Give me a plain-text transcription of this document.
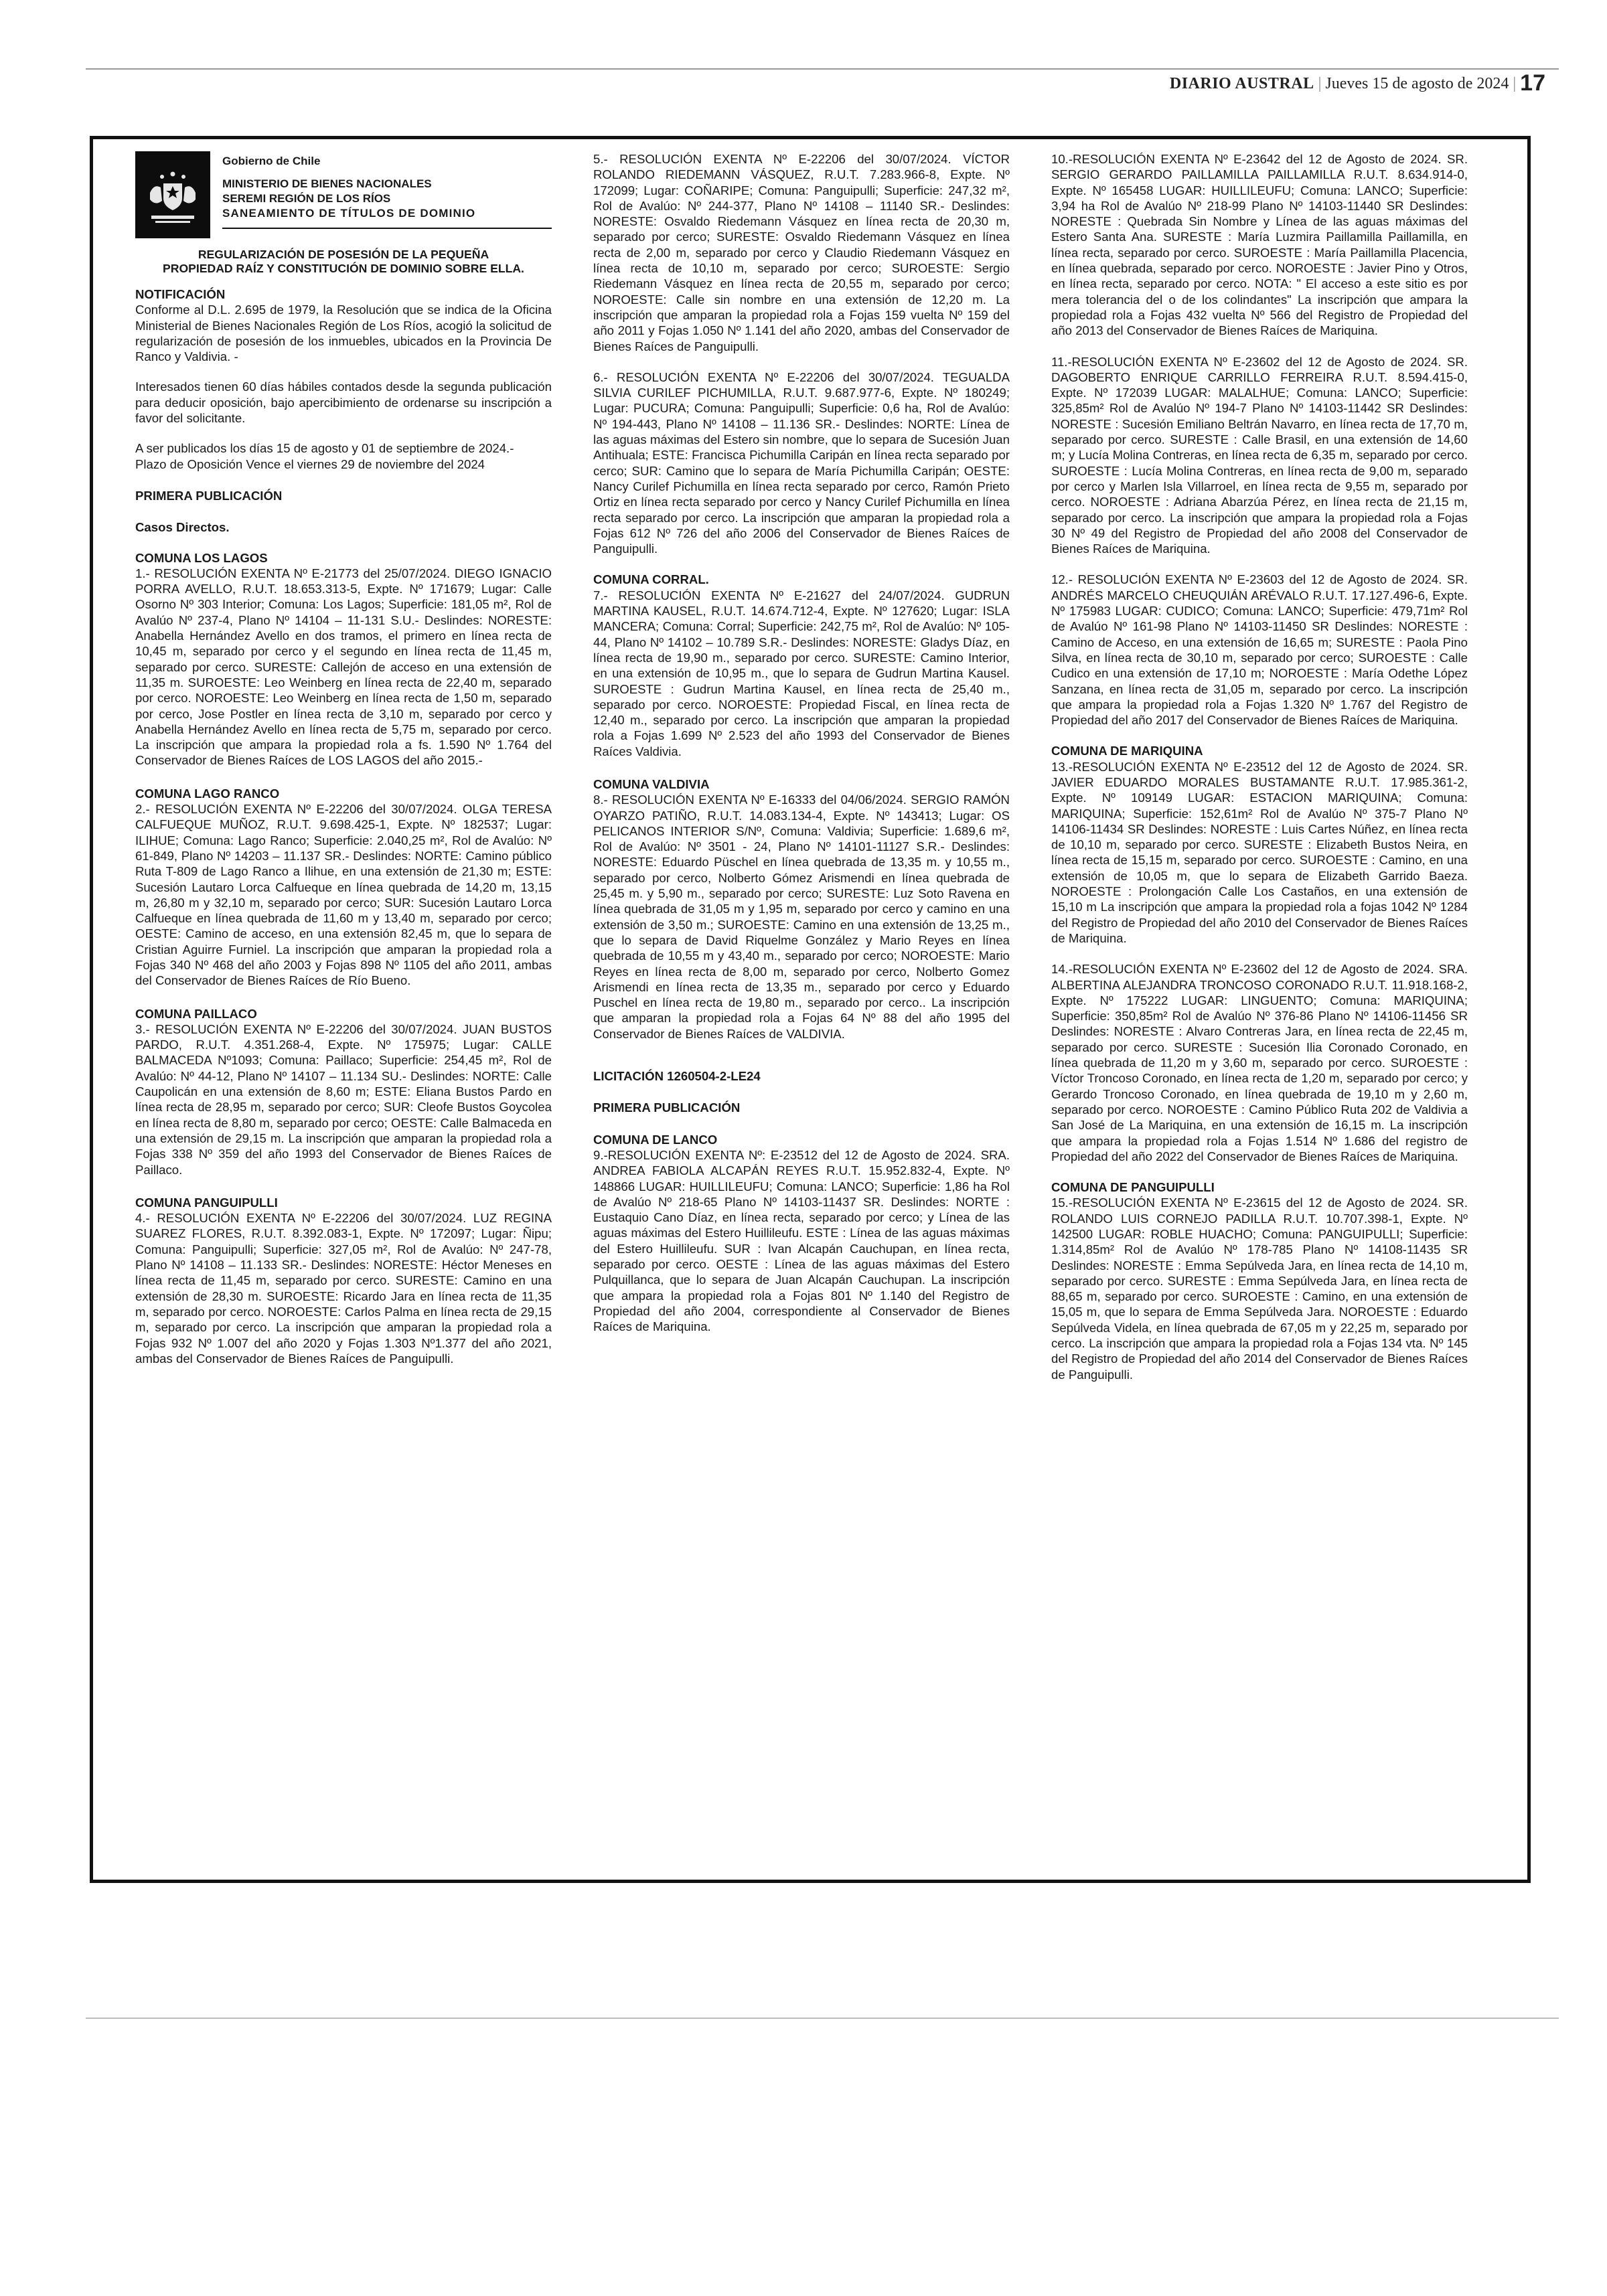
DIARIO AUSTRAL | Jueves 15 de agosto de 2024 | 17
Gobierno de Chile
MINISTERIO DE BIENES NACIONALES
SEREMI REGIÓN DE LOS RÍOS
SANEAMIENTO DE TÍTULOS DE DOMINIO
REGULARIZACIÓN DE POSESIÓN DE LA PEQUEÑA
PROPIEDAD RAÍZ Y CONSTITUCIÓN DE DOMINIO SOBRE ELLA.
NOTIFICACIÓN
Conforme al D.L. 2.695 de 1979, la Resolución que se indica de la Oficina Ministerial de Bienes Nacionales Región de Los Ríos, acogió la solicitud de regularización de posesión de los inmuebles, ubicados en la Provincia De Ranco y Valdivia. -
Interesados tienen 60 días hábiles contados desde la segunda publicación para deducir oposición, bajo apercibimiento de ordenarse su inscripción a favor del solicitante.
A ser publicados los días 15 de agosto y 01 de septiembre de 2024.-
Plazo de Oposición Vence el viernes 29 de noviembre del 2024
PRIMERA PUBLICACIÓN
Casos Directos.
COMUNA LOS LAGOS
1.- RESOLUCIÓN EXENTA Nº E-21773 del 25/07/2024. DIEGO IGNACIO PORRA AVELLO, R.U.T. 18.653.313-5, Expte. Nº 171679; Lugar: Calle Osorno Nº 303 Interior; Comuna: Los Lagos; Superficie: 181,05 m², Rol de Avalúo Nº 237-4, Plano Nº 14104 – 11-131 S.U.- Deslindes: NORESTE: Anabella Hernández Avello en dos tramos, el primero en línea recta de 10,45 m, separado por cerco y el segundo en línea recta de 11,45 m, separado por cerco. SURESTE: Callejón de acceso en una extensión de 11,35 m. SUROESTE: Leo Weinberg en línea recta de 22,40 m, separado por cerco. NOROESTE: Leo Weinberg en línea recta de 1,50 m, separado por cerco, Jose Postler en línea recta de 3,10 m, separado por cerco y Anabella Hernández Avello en línea recta de 5,75 m, separado por cerco. La inscripción que ampara la propiedad rola a fs. 1.590 Nº 1.764 del Conservador de Bienes Raíces de LOS LAGOS del año 2015.-
COMUNA LAGO RANCO
2.- RESOLUCIÓN EXENTA Nº E-22206 del 30/07/2024. OLGA TERESA CALFUEQUE MUÑOZ, R.U.T. 9.698.425-1, Expte. Nº 182537; Lugar: ILIHUE; Comuna: Lago Ranco; Superficie: 2.040,25 m², Rol de Avalúo: Nº 61-849, Plano Nº 14203 – 11.137 SR.- Deslindes: NORTE: Camino público Ruta T-809 de Lago Ranco a Ilihue, en una extensión de 21,30 m; ESTE: Sucesión Lautaro Lorca Calfueque en línea quebrada de 14,20 m, 13,15 m, 26,80 m y 32,10 m, separado por cerco; SUR: Sucesión Lautaro Lorca Calfueque en línea quebrada de 11,60 m y 13,40 m, separado por cerco; OESTE: Camino de acceso, en una extensión 82,45 m, que lo separa de Cristian Aguirre Furniel. La inscripción que amparan la propiedad rola a Fojas 340 Nº 468 del año 2003 y Fojas 898 Nº 1105 del año 2011, ambas del Conservador de Bienes Raíces de Río Bueno.
COMUNA PAILLACO
3.- RESOLUCIÓN EXENTA Nº E-22206 del 30/07/2024. JUAN BUSTOS PARDO, R.U.T. 4.351.268-4, Expte. Nº 175975; Lugar: CALLE BALMACEDA Nº1093; Comuna: Paillaco; Superficie: 254,45 m², Rol de Avalúo: Nº 44-12, Plano Nº 14107 – 11.134 SU.- Deslindes: NORTE: Calle Caupolicán en una extensión de 8,60 m; ESTE: Eliana Bustos Pardo en línea recta de 28,95 m, separado por cerco; SUR: Cleofe Bustos Goycolea en línea recta de 8,80 m, separado por cerco; OESTE: Calle Balmaceda en una extensión de 29,15 m. La inscripción que amparan la propiedad rola a Fojas 338 Nº 359 del año 1993 del Conservador de Bienes Raíces de Paillaco.
COMUNA PANGUIPULLI
4.- RESOLUCIÓN EXENTA Nº E-22206 del 30/07/2024. LUZ REGINA SUAREZ FLORES, R.U.T. 8.392.083-1, Expte. Nº 172097; Lugar: Ñipu; Comuna: Panguipulli; Superficie: 327,05 m², Rol de Avalúo: Nº 247-78, Plano Nº 14108 – 11.133 SR.- Deslindes: NORESTE: Héctor Meneses en línea recta de 11,45 m, separado por cerco. SURESTE: Camino en una extensión de 28,30 m. SUROESTE: Ricardo Jara en línea recta de 11,35 m, separado por cerco. NOROESTE: Carlos Palma en línea recta de 29,15 m, separado por cerco. La inscripción que amparan la propiedad rola a Fojas 932 Nº 1.007 del año 2020 y Fojas 1.303 Nº1.377 del año 2021, ambas del Conservador de Bienes Raíces de Panguipulli.
5.- RESOLUCIÓN EXENTA Nº E-22206 del 30/07/2024. VÍCTOR ROLANDO RIEDEMANN VÁSQUEZ, R.U.T. 7.283.966-8, Expte. Nº 172099; Lugar: COÑARIPE; Comuna: Panguipulli; Superficie: 247,32 m², Rol de Avalúo: Nº 244-377, Plano Nº 14108 – 11140 SR.- Deslindes: NORESTE: Osvaldo Riedemann Vásquez en línea recta de 20,30 m, separado por cerco; SURESTE: Osvaldo Riedemann Vásquez en línea recta de 2,00 m, separado por cerco y Claudio Riedemann Vásquez en línea recta de 10,10 m, separado por cerco; SUROESTE: Sergio Riedemann Vásquez en línea recta de 20,55 m, separado por cerco; NOROESTE: Calle sin nombre en una extensión de 12,20 m. La inscripción que amparan la propiedad rola a Fojas 159 vuelta Nº 159 del año 2011 y Fojas 1.050 Nº 1.141 del año 2020, ambas del Conservador de Bienes Raíces de Panguipulli.
6.- RESOLUCIÓN EXENTA Nº E-22206 del 30/07/2024. TEGUALDA SILVIA CURILEF PICHUMILLA, R.U.T. 9.687.977-6, Expte. Nº 180249; Lugar: PUCURA; Comuna: Panguipulli; Superficie: 0,6 ha, Rol de Avalúo: Nº 194-443, Plano Nº 14108 – 11.136 SR.- Deslindes: NORTE: Línea de las aguas máximas del Estero sin nombre, que lo separa de Sucesión Juan Antihuala; ESTE: Francisca Pichumilla Caripán en línea recta separado por cerco; SUR: Camino que lo separa de María Pichumilla Caripán; OESTE: Nancy Curilef Pichumilla en línea recta separado por cerco, Ramón Prieto Ortiz en línea recta separado por cerco y Nancy Curilef Pichumilla en línea recta separado por cerco. La inscripción que amparan la propiedad rola a Fojas 612 Nº 726 del año 2006 del Conservador de Bienes Raíces de Panguipulli.
COMUNA CORRAL.
7.- RESOLUCIÓN EXENTA Nº E-21627 del 24/07/2024. GUDRUN MARTINA KAUSEL, R.U.T. 14.674.712-4, Expte. Nº 127620; Lugar: ISLA MANCERA; Comuna: Corral; Superficie: 242,75 m², Rol de Avalúo: Nº 105-44, Plano Nº 14102 – 10.789 S.R.- Deslindes: NORESTE: Gladys Díaz, en línea recta de 19,90 m., separado por cerco. SURESTE: Camino Interior, en una extensión de 10,95 m., que lo separa de Gudrun Martina Kausel. SUROESTE : Gudrun Martina Kausel, en línea recta de 25,40 m., separado por cerco. NOROESTE: Propiedad Fiscal, en línea recta de 12,40 m., separado por cerco. La inscripción que amparan la propiedad rola a Fojas 1.699 Nº 2.523 del año 1993 del Conservador de Bienes Raíces Valdivia.
COMUNA VALDIVIA
8.- RESOLUCIÓN EXENTA Nº E-16333 del 04/06/2024. SERGIO RAMÓN OYARZO PATIÑO, R.U.T. 14.083.134-4, Expte. Nº 143413; Lugar: OS PELICANOS INTERIOR S/Nº, Comuna: Valdivia; Superficie: 1.689,6 m², Rol de Avalúo: Nº 3501 - 24, Plano Nº 14101-11127 S.R.- Deslindes: NORESTE: Eduardo Püschel en línea quebrada de 13,35 m. y 10,55 m., separado por cerco, Nolberto Gómez Arismendi en línea quebrada de 25,45 m. y 5,90 m., separado por cerco; SURESTE: Luz Soto Ravena en línea quebrada de 31,05 m y 1,95 m, separado por cerco y camino en una extensión de 3,50 m.; SUROESTE: Camino en una extensión de 13,25 m., que lo separa de David Riquelme González y Mario Reyes en línea quebrada de 10,55 m y 43,40 m., separado por cerco; NOROESTE: Mario Reyes en línea recta de 8,00 m, separado por cerco, Nolberto Gomez Arismendi en línea recta de 13,35 m., separado por cerco y Eduardo Puschel en línea recta de 19,80 m., separado por cerco.. La inscripción que amparan la propiedad rola a Fojas 64 Nº 88 del año 1995 del Conservador de Bienes Raíces de VALDIVIA.
LICITACIÓN 1260504-2-LE24
PRIMERA PUBLICACIÓN
COMUNA DE LANCO
9.-RESOLUCIÓN EXENTA Nº: E-23512 del 12 de Agosto de 2024. SRA. ANDREA FABIOLA ALCAPÁN REYES R.U.T. 15.952.832-4, Expte. Nº 148866 LUGAR: HUILLILEUFU; Comuna: LANCO; Superficie: 1,86 ha Rol de Avalúo Nº 218-65 Plano Nº 14103-11437 SR. Deslindes: NORTE : Eustaquio Cano Díaz, en línea recta, separado por cerco; y Línea de las aguas máximas del Estero Huillileufu. ESTE : Línea de las aguas máximas del Estero Huillileufu. SUR : Ivan Alcapán Cauchupan, en línea recta, separado por cerco. OESTE : Línea de las aguas máximas del Estero Pulquillanca, que lo separa de Juan Alcapán Cauchupan. La inscripción que ampara la propiedad rola a Fojas 801 Nº 1.140 del Registro de Propiedad del año 2004, correspondiente al Conservador de Bienes Raíces de Mariquina.
10.-RESOLUCIÓN EXENTA Nº E-23642 del 12 de Agosto de 2024. SR. SERGIO GERARDO PAILLAMILLA PAILLAMILLA R.U.T. 8.634.914-0, Expte. Nº 165458 LUGAR: HUILLILEUFU; Comuna: LANCO; Superficie: 3,94 ha Rol de Avalúo Nº 218-99 Plano Nº 14103-11440 SR Deslindes: NORESTE : Quebrada Sin Nombre y Línea de las aguas máximas del Estero Santa Ana. SURESTE : María Luzmira Paillamilla Paillamilla, en línea recta, separado por cerco. SUROESTE : María Paillamilla Placencia, en línea quebrada, separado por cerco. NOROESTE : Javier Pino y Otros, en línea recta, separado por cerco. NOTA: " El acceso a este sitio es por mera tolerancia del o de los colindantes" La inscripción que ampara la propiedad rola a Fojas 432 vuelta Nº 566 del Registro de Propiedad del año 2013 del Conservador de Bienes Raíces de Mariquina.
11.-RESOLUCIÓN EXENTA Nº E-23602 del 12 de Agosto de 2024. SR. DAGOBERTO ENRIQUE CARRILLO FERREIRA R.U.T. 8.594.415-0, Expte. Nº 172039 LUGAR: MALALHUE; Comuna: LANCO; Superficie: 325,85m² Rol de Avalúo Nº 194-7 Plano Nº 14103-11442 SR Deslindes: NORESTE : Sucesión Emiliano Beltrán Navarro, en línea recta de 17,70 m, separado por cerco. SURESTE : Calle Brasil, en una extensión de 14,60 m; y Lucía Molina Contreras, en línea recta de 6,35 m, separado por cerco. SUROESTE : Lucía Molina Contreras, en línea recta de 9,00 m, separado por cerco y Marlen Isla Villarroel, en línea recta de 9,55 m, separado por cerco. NOROESTE : Adriana Abarzúa Pérez, en línea recta de 21,15 m, separado por cerco. La inscripción que ampara la propiedad rola a Fojas 30 Nº 49 del Registro de Propiedad del año 2008 del Conservador de Bienes Raíces de Mariquina.
12.- RESOLUCIÓN EXENTA Nº E-23603 del 12 de Agosto de 2024. SR. ANDRÉS MARCELO CHEUQUIÁN ARÉVALO R.U.T. 17.127.496-6, Expte. Nº 175983 LUGAR: CUDICO; Comuna: LANCO; Superficie: 479,71m² Rol de Avalúo Nº 161-98 Plano Nº 14103-11450 SR Deslindes: NORESTE : Camino de Acceso, en una extensión de 16,65 m; SURESTE : Paola Pino Silva, en línea recta de 30,10 m, separado por cerco; SUROESTE : Calle Cudico en una extensión de 17,10 m; NOROESTE : María Odethe López Sanzana, en línea recta de 31,05 m, separado por cerco. La inscripción que ampara la propiedad rola a Fojas 1.320 Nº 1.767 del Registro de Propiedad del año 2017 del Conservador de Bienes Raíces de Mariquina.
COMUNA DE MARIQUINA
13.-RESOLUCIÓN EXENTA Nº E-23512 del 12 de Agosto de 2024. SR. JAVIER EDUARDO MORALES BUSTAMANTE R.U.T. 17.985.361-2, Expte. Nº 109149 LUGAR: ESTACION MARIQUINA; Comuna: MARIQUINA; Superficie: 152,61m² Rol de Avalúo Nº 375-7 Plano Nº 14106-11434 SR Deslindes: NORESTE : Luis Cartes Núñez, en línea recta de 10,10 m, separado por cerco. SURESTE : Elizabeth Bustos Neira, en línea recta de 15,15 m, separado por cerco. SUROESTE : Camino, en una extensión de 10,05 m, que lo separa de Elizabeth Garrido Baeza. NOROESTE : Prolongación Calle Los Castaños, en una extensión de 15,10 m La inscripción que ampara la propiedad rola a fojas 1042 Nº 1284 del Registro de Propiedad del año 2010 del Conservador de Bienes Raíces de Mariquina.
14.-RESOLUCIÓN EXENTA Nº E-23602 del 12 de Agosto de 2024. SRA. ALBERTINA ALEJANDRA TRONCOSO CORONADO R.U.T. 11.918.168-2, Expte. Nº 175222 LUGAR: LINGUENTO; Comuna: MARIQUINA; Superficie: 350,85m² Rol de Avalúo Nº 376-86 Plano Nº 14106-11456 SR Deslindes: NORESTE : Alvaro Contreras Jara, en línea recta de 22,45 m, separado por cerco. SURESTE : Sucesión Ilia Coronado Coronado, en línea quebrada de 11,20 m y 3,60 m, separado por cerco. SUROESTE : Víctor Troncoso Coronado, en línea recta de 1,20 m, separado por cerco; y Gerardo Troncoso Coronado, en línea quebrada de 19,10 m y 2,60 m, separado por cerco. NOROESTE : Camino Público Ruta 202 de Valdivia a San José de La Mariquina, en una extensión de 16,15 m. La inscripción que ampara la propiedad rola a Fojas 1.514 Nº 1.686 del registro de Propiedad del año 2022 del Conservador de Bienes Raíces de Mariquina.
COMUNA DE PANGUIPULLI
15.-RESOLUCIÓN EXENTA Nº E-23615 del 12 de Agosto de 2024. SR. ROLANDO LUIS CORNEJO PADILLA R.U.T. 10.707.398-1, Expte. Nº 142500 LUGAR: ROBLE HUACHO; Comuna: PANGUIPULLI; Superficie: 1.314,85m² Rol de Avalúo Nº 178-785 Plano Nº 14108-11435 SR Deslindes: NORESTE : Emma Sepúlveda Jara, en línea recta de 14,10 m, separado por cerco. SURESTE : Emma Sepúlveda Jara, en línea recta de 88,65 m, separado por cerco. SUROESTE : Camino, en una extensión de 15,05 m, que lo separa de Emma Sepúlveda Jara. NOROESTE : Eduardo Sepúlveda Videla, en línea quebrada de 67,05 m y 22,25 m, separado por cerco. La inscripción que ampara la propiedad rola a Fojas 134 vta. Nº 145 del Registro de Propiedad del año 2014 del Conservador de Bienes Raíces de Panguipulli.
